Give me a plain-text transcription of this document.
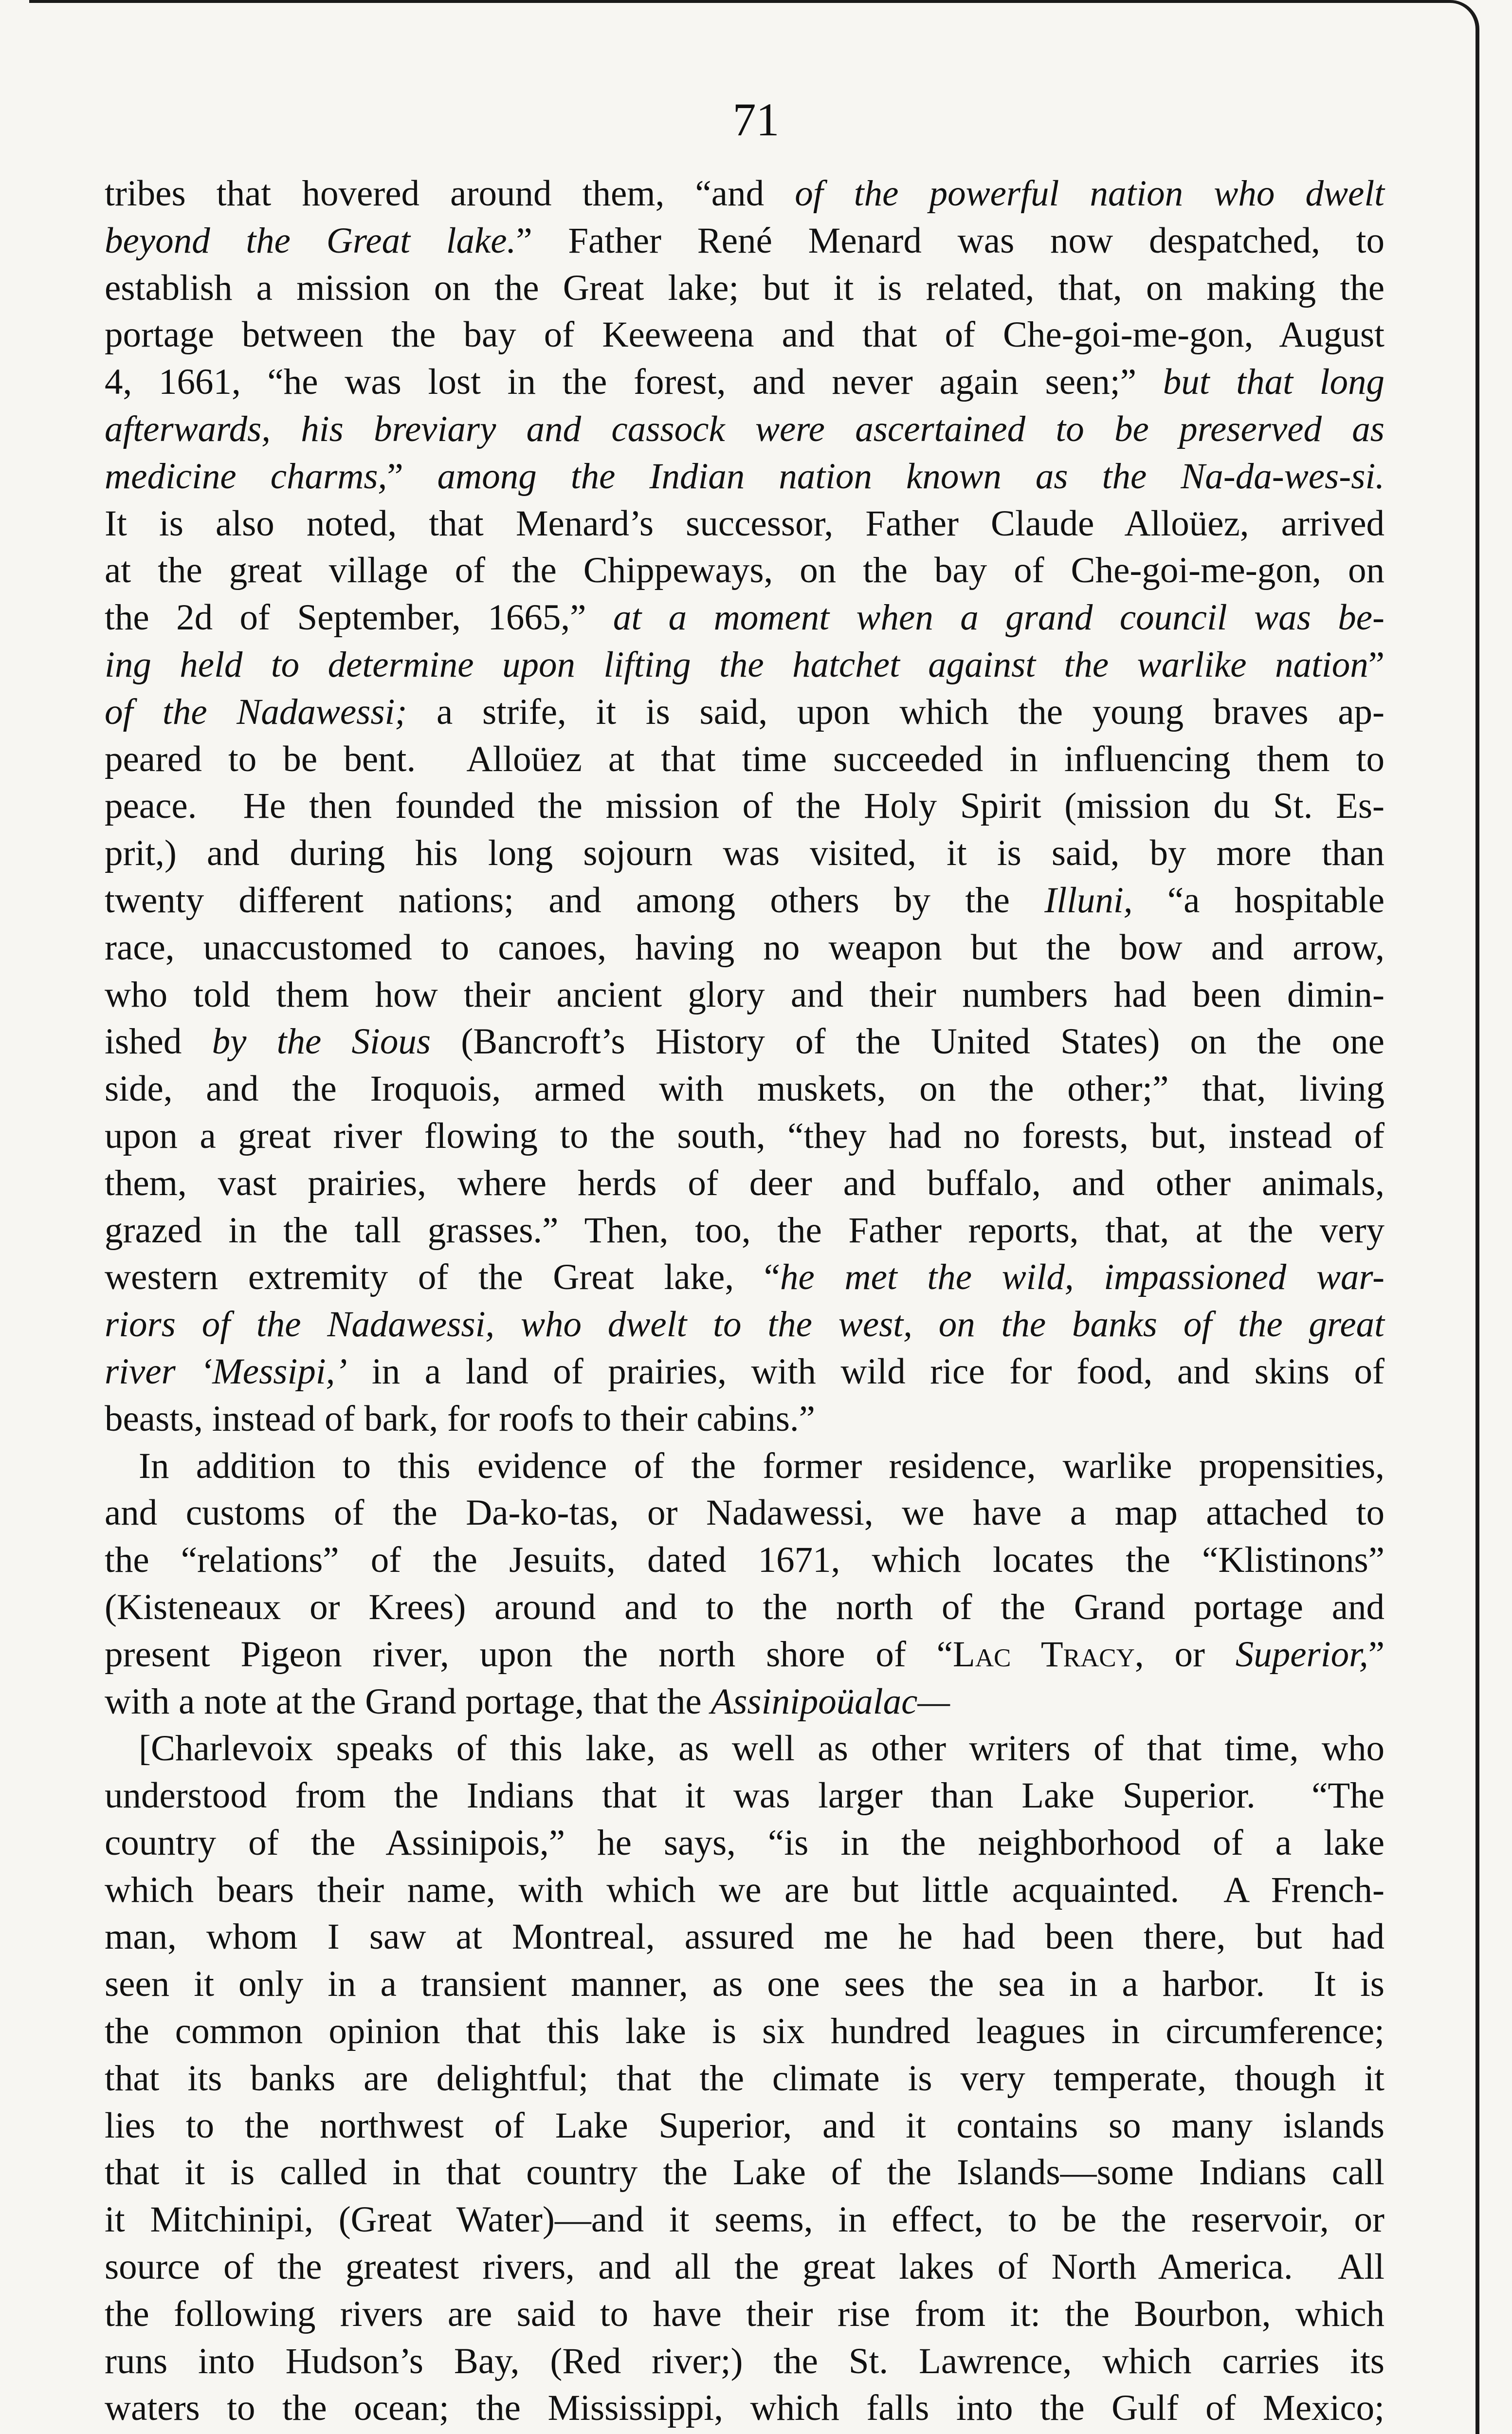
71
tribes that hovered around them, “and of the powerful nation who dwelt
beyond the Great lake.” Father René Menard was now despatched, to
establish a mission on the Great lake; but it is related, that, on making the
portage between the bay of Keeweena and that of Che-goi-me-gon, August
4, 1661, “he was lost in the forest, and never again seen;” but that long
afterwards, his breviary and cassock were ascertained to be preserved as
medicine charms,” among the Indian nation known as the Na-da-wes-si.
It is also noted, that Menard’s successor, Father Claude Alloüez, arrived
at the great village of the Chippeways, on the bay of Che-goi-me-gon, on
the 2d of September, 1665,” at a moment when a grand council was be-
ing held to determine upon lifting the hatchet against the warlike nation”
of the Nadawessi; a strife, it is said, upon which the young braves ap-
peared to be bent.  Alloüez at that time succeeded in influencing them to
peace.  He then founded the mission of the Holy Spirit (mission du St. Es-
prit,) and during his long sojourn was visited, it is said, by more than
twenty different nations; and among others by the Illuni, “a hospitable
race, unaccustomed to canoes, having no weapon but the bow and arrow,
who told them how their ancient glory and their numbers had been dimin-
ished by the Sious (Bancroft’s History of the United States) on the one
side, and the Iroquois, armed with muskets, on the other;” that, living
upon a great river flowing to the south, “they had no forests, but, instead of
them, vast prairies, where herds of deer and buffalo, and other animals,
grazed in the tall grasses.” Then, too, the Father reports, that, at the very
western extremity of the Great lake, “he met the wild, impassioned war-
riors of the Nadawessi, who dwelt to the west, on the banks of the great
river ‘Messipi,’ in a land of prairies, with wild rice for food, and skins of
beasts, instead of bark, for roofs to their cabins.”
In addition to this evidence of the former residence, warlike propensities,
and customs of the Da-ko-tas, or Nadawessi, we have a map attached to
the “relations” of the Jesuits, dated 1671, which locates the “Klistinons”
(Kisteneaux or Krees) around and to the north of the Grand portage and
present Pigeon river, upon the north shore of “Lac Tracy, or Superior,”
with a note at the Grand portage, that the Assinipoüalac—
[Charlevoix speaks of this lake, as well as other writers of that time, who
understood from the Indians that it was larger than Lake Superior.  “The
country of the Assinipois,” he says, “is in the neighborhood of a lake
which bears their name, with which we are but little acquainted.  A French-
man, whom I saw at Montreal, assured me he had been there, but had
seen it only in a transient manner, as one sees the sea in a harbor.  It is
the common opinion that this lake is six hundred leagues in circumference;
that its banks are delightful; that the climate is very temperate, though it
lies to the northwest of Lake Superior, and it contains so many islands
that it is called in that country the Lake of the Islands—some Indians call
it Mitchinipi, (Great Water)—and it seems, in effect, to be the reservoir, or
source of the greatest rivers, and all the great lakes of North America.  All
the following rivers are said to have their rise from it: the Bourbon, which
runs into Hudson’s Bay, (Red river;) the St. Lawrence, which carries its
waters to the ocean; the Mississippi, which falls into the Gulf of Mexico;
